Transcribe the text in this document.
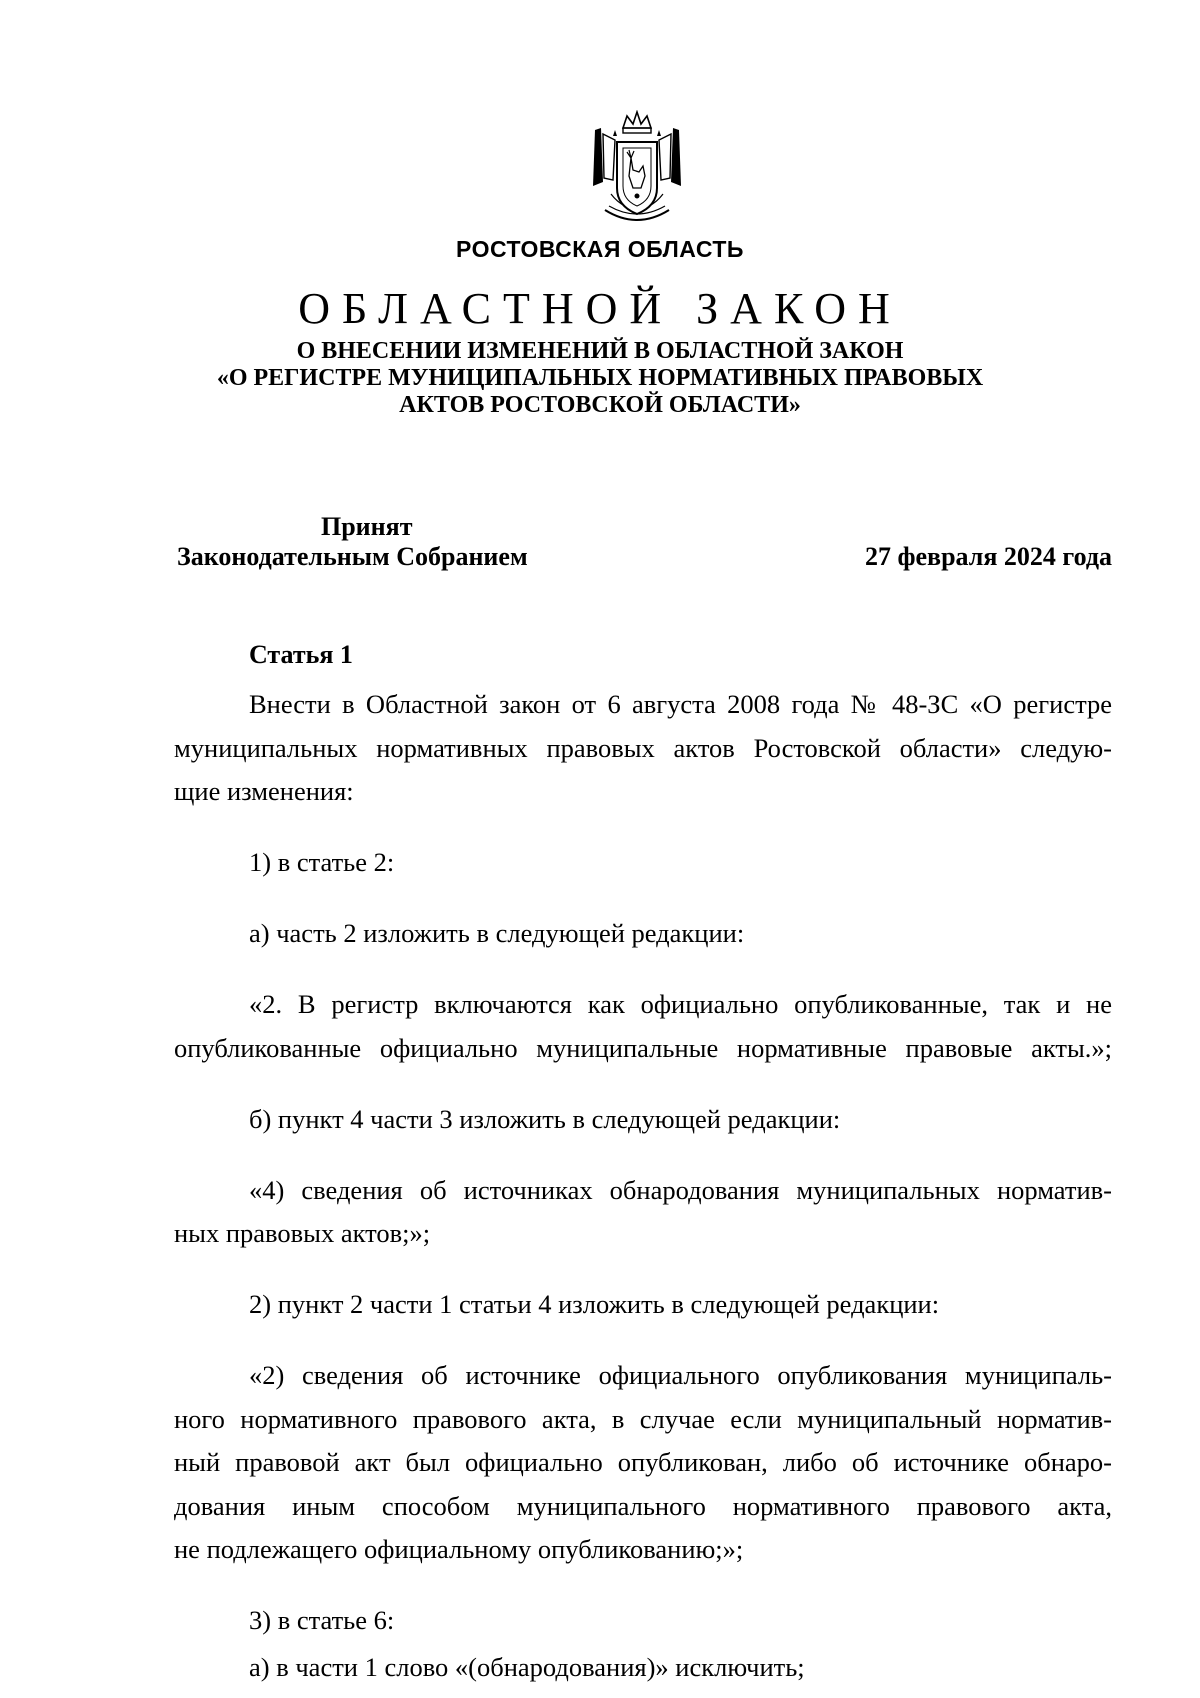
РОСТОВСКАЯ ОБЛАСТЬ
ОБЛАСТНОЙ ЗАКОН
О ВНЕСЕНИИ ИЗМЕНЕНИЙ В ОБЛАСТНОЙ ЗАКОН
«О РЕГИСТРЕ МУНИЦИПАЛЬНЫХ НОРМАТИВНЫХ ПРАВОВЫХ
АКТОВ РОСТОВСКОЙ ОБЛАСТИ»
Принят
Законодательным Собранием	27 февраля 2024 года
Статья 1
Внести в Областной закон от 6 августа 2008 года № 48-ЗС «О регистре
муниципальных нормативных правовых актов Ростовской области» следую-
щие изменения:
1) в статье 2:
а) часть 2 изложить в следующей редакции:
«2. В регистр включаются как официально опубликованные, так и не
опубликованные официально муниципальные нормативные правовые акты.»;
б) пункт 4 части 3 изложить в следующей редакции:
«4) сведения об источниках обнародования муниципальных норматив-
ных правовых актов;»;
2) пункт 2 части 1 статьи 4 изложить в следующей редакции:
«2) сведения об источнике официального опубликования муниципаль-
ного нормативного правового акта, в случае если муниципальный норматив-
ный правовой акт был официально опубликован, либо об источнике обнаро-
дования иным способом муниципального нормативного правового акта,
не подлежащего официальному опубликованию;»;
3) в статье 6:
а) в части 1 слово «(обнародования)» исключить;
